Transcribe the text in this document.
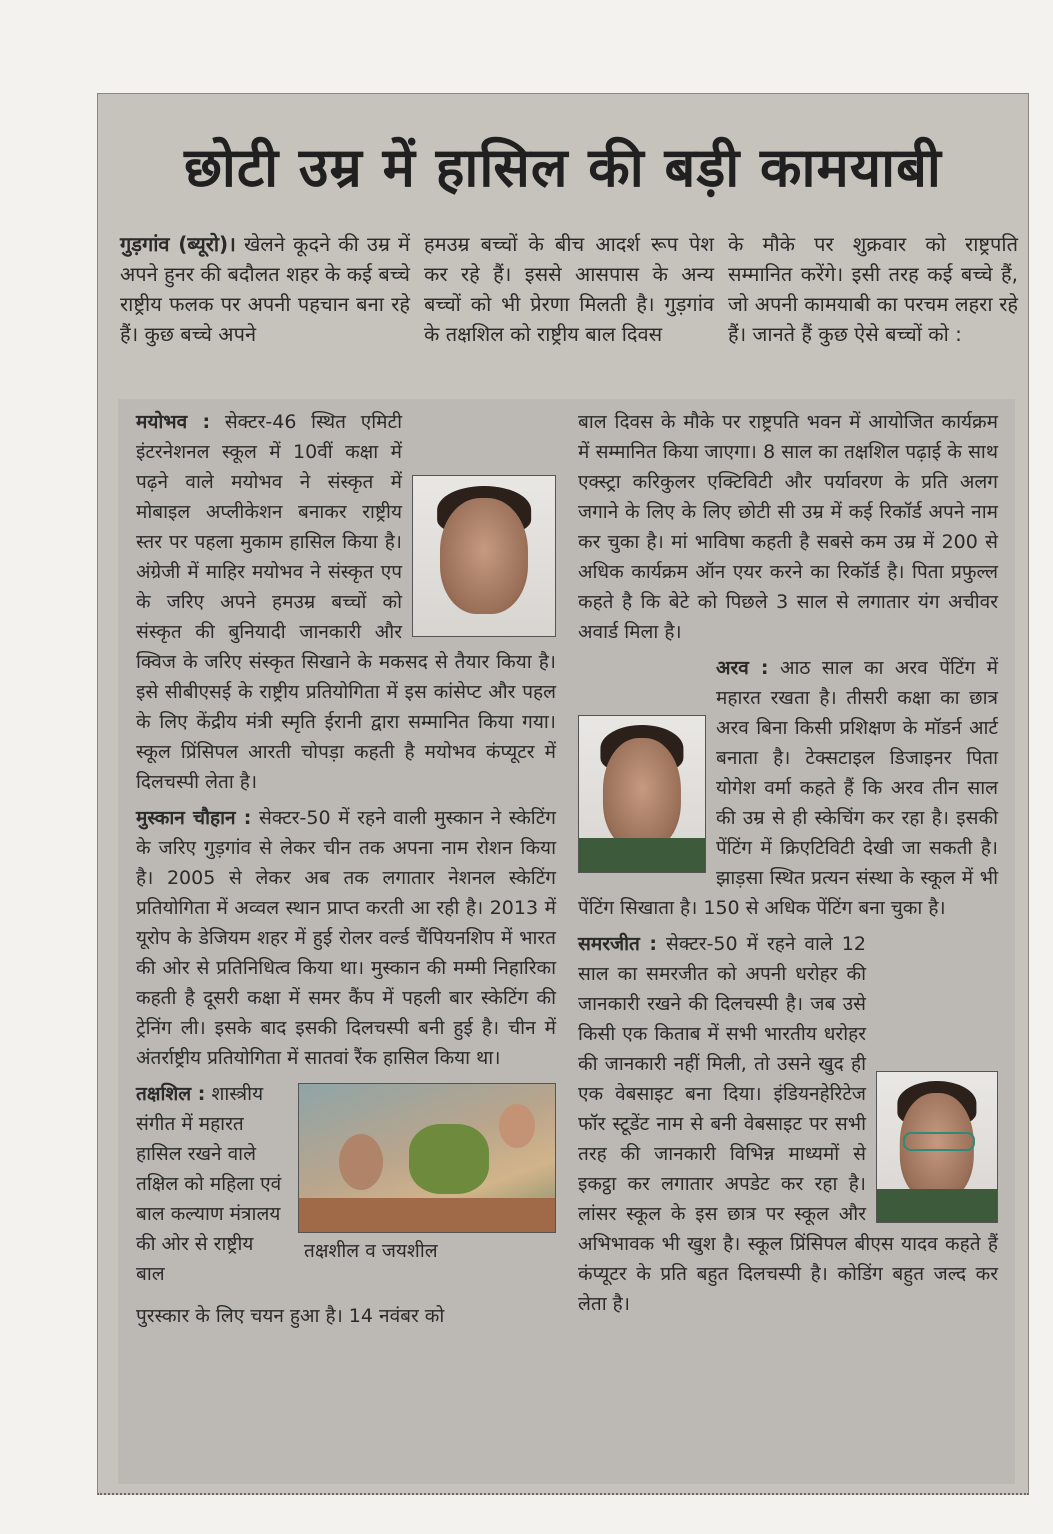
छोटी उम्र में हासिल की बड़ी कामयाबी

गुड़गांव (ब्यूरो)। खेलने कूदने की उम्र में अपने हुनर की बदौलत शहर के कई बच्चे राष्ट्रीय फलक पर अपनी पहचान बना रहे हैं। कुछ बच्चे अपने

हमउम्र बच्चों के बीच आदर्श रूप पेश कर रहे हैं। इससे आसपास के अन्य बच्चों को भी प्रेरणा मिलती है। गुड़गांव के तक्षशिल को राष्ट्रीय बाल दिवस

के मौके पर शुक्रवार को राष्ट्रपति सम्मानित करेंगे। इसी तरह कई बच्चे हैं, जो अपनी कामयाबी का परचम लहरा रहे हैं। जानते हैं कुछ ऐसे बच्चों को :

मयोभव : सेक्टर-46 स्थित एमिटी इंटरनेशनल स्कूल में 10वीं कक्षा में पढ़ने वाले मयोभव ने संस्कृत में मोबाइल अप्लीकेशन बनाकर राष्ट्रीय स्तर पर पहला मुकाम हासिल किया है। अंग्रेजी में माहिर मयोभव ने संस्कृत एप के जरिए अपने हमउम्र बच्चों को संस्कृत की बुनियादी जानकारी और क्विज के जरिए संस्कृत सिखाने के मकसद से तैयार किया है। इसे सीबीएसई के राष्ट्रीय प्रतियोगिता में इस कांसेप्ट और पहल के लिए केंद्रीय मंत्री स्मृति ईरानी द्वारा सम्मानित किया गया। स्कूल प्रिंसिपल आरती चोपड़ा कहती है मयोभव कंप्यूटर में दिलचस्पी लेता है।

मुस्कान चौहान : सेक्टर-50 में रहने वाली मुस्कान ने स्केटिंग के जरिए गुड़गांव से लेकर चीन तक अपना नाम रोशन किया है। 2005 से लेकर अब तक लगातार नेशनल स्केटिंग प्रतियोगिता में अव्वल स्थान प्राप्त करती आ रही है। 2013 में यूरोप के डेजियम शहर में हुई रोलर वर्ल्ड चैंपियनशिप में भारत की ओर से प्रतिनिधित्व किया था। मुस्कान की मम्मी निहारिका कहती है दूसरी कक्षा में समर कैंप में पहली बार स्केटिंग की ट्रेनिंग ली। इसके बाद इसकी दिलचस्पी बनी हुई है। चीन में अंतर्राष्ट्रीय प्रतियोगिता में सातवां रैंक हासिल किया था।

तक्षशील व जयशील

तक्षशिल : शास्त्रीय संगीत में महारत हासिल रखने वाले तक्षिल को महिला एवं बाल कल्याण मंत्रालय की ओर से राष्ट्रीय बाल

पुरस्कार के लिए चयन हुआ है। 14 नवंबर को

बाल दिवस के मौके पर राष्ट्रपति भवन में आयोजित कार्यक्रम में सम्मानित किया जाएगा। 8 साल का तक्षशिल पढ़ाई के साथ एक्स्ट्रा करिकुलर एक्टिविटी और पर्यावरण के प्रति अलग जगाने के लिए के लिए छोटी सी उम्र में कई रिकॉर्ड अपने नाम कर चुका है। मां भाविषा कहती है सबसे कम उम्र में 200 से अधिक कार्यक्रम ऑन एयर करने का रिकॉर्ड है। पिता प्रफुल्ल कहते है कि बेटे को पिछले 3 साल से लगातार यंग अचीवर अवार्ड मिला है।

अरव : आठ साल का अरव पेंटिंग में महारत रखता है। तीसरी कक्षा का छात्र अरव बिना किसी प्रशिक्षण के मॉडर्न आर्ट बनाता है। टेक्सटाइल डिजाइनर पिता योगेश वर्मा कहते हैं कि अरव तीन साल की उम्र से ही स्केचिंग कर रहा है। इसकी पेंटिंग में क्रिएटिविटी देखी जा सकती है। झाड़सा स्थित प्रत्यन संस्था के स्कूल में भी पेंटिंग सिखाता है। 150 से अधिक पेंटिंग बना चुका है।

समरजीत : सेक्टर-50 में रहने वाले 12 साल का समरजीत को अपनी धरोहर की जानकारी रखने की दिलचस्पी है। जब उसे किसी एक किताब में सभी भारतीय धरोहर की जानकारी नहीं मिली, तो उसने खुद ही एक वेबसाइट बना दिया। इंडियनहेरिटेज फॉर स्टूडेंट नाम से बनी वेबसाइट पर सभी तरह की जानकारी विभिन्न माध्यमों से इकट्ठा कर लगातार अपडेट कर रहा है। लांसर स्कूल के इस छात्र पर स्कूल और अभिभावक भी खुश है। स्कूल प्रिंसिपल बीएस यादव कहते हैं कंप्यूटर के प्रति बहुत दिलचस्पी है। कोडिंग बहुत जल्द कर लेता है।
